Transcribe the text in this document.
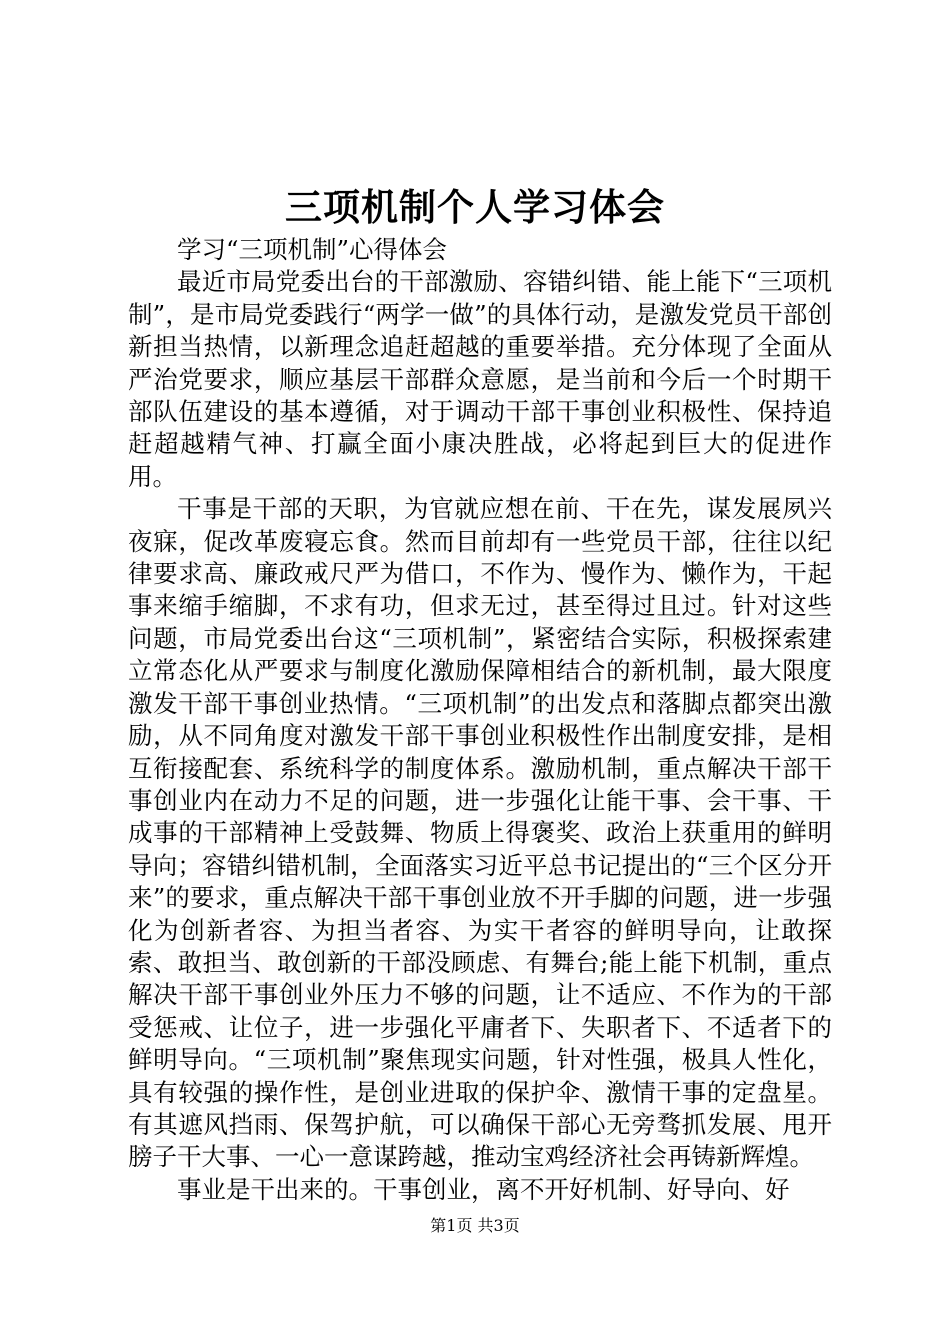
三项机制个人学习体会

学习“三项机制”心得体会

最近市局党委出台的干部激励、容错纠错、能上能下“三项机制”，是市局党委践行“两学一做”的具体行动，是激发党员干部创新担当热情，以新理念追赶超越的重要举措。充分体现了全面从严治党要求，顺应基层干部群众意愿，是当前和今后一个时期干部队伍建设的基本遵循，对于调动干部干事创业积极性、保持追赶超越精气神、打赢全面小康决胜战，必将起到巨大的促进作用。

干事是干部的天职，为官就应想在前、干在先，谋发展夙兴夜寐，促改革废寝忘食。然而目前却有一些党员干部，往往以纪律要求高、廉政戒尺严为借口，不作为、慢作为、懒作为，干起事来缩手缩脚，不求有功，但求无过，甚至得过且过。针对这些问题，市局党委出台这“三项机制”，紧密结合实际，积极探索建立常态化从严要求与制度化激励保障相结合的新机制，最大限度激发干部干事创业热情。“三项机制”的出发点和落脚点都突出激励，从不同角度对激发干部干事创业积极性作出制度安排，是相互衔接配套、系统科学的制度体系。激励机制，重点解决干部干事创业内在动力不足的问题，进一步强化让能干事、会干事、干成事的干部精神上受鼓舞、物质上得褒奖、政治上获重用的鲜明导向；容错纠错机制，全面落实习近平总书记提出的“三个区分开来”的要求，重点解决干部干事创业放不开手脚的问题，进一步强化为创新者容、为担当者容、为实干者容的鲜明导向，让敢探索、敢担当、敢创新的干部没顾虑、有舞台;能上能下机制，重点解决干部干事创业外压力不够的问题，让不适应、不作为的干部受惩戒、让位子，进一步强化平庸者下、失职者下、不适者下的鲜明导向。“三项机制”聚焦现实问题，针对性强，极具人性化，具有较强的操作性，是创业进取的保护伞、激情干事的定盘星。有其遮风挡雨、保驾护航，可以确保干部心无旁骛抓发展、甩开膀子干大事、一心一意谋跨越，推动宝鸡经济社会再铸新辉煌。

事业是干出来的。干事创业，离不开好机制、好导向、好

第1页 共3页
